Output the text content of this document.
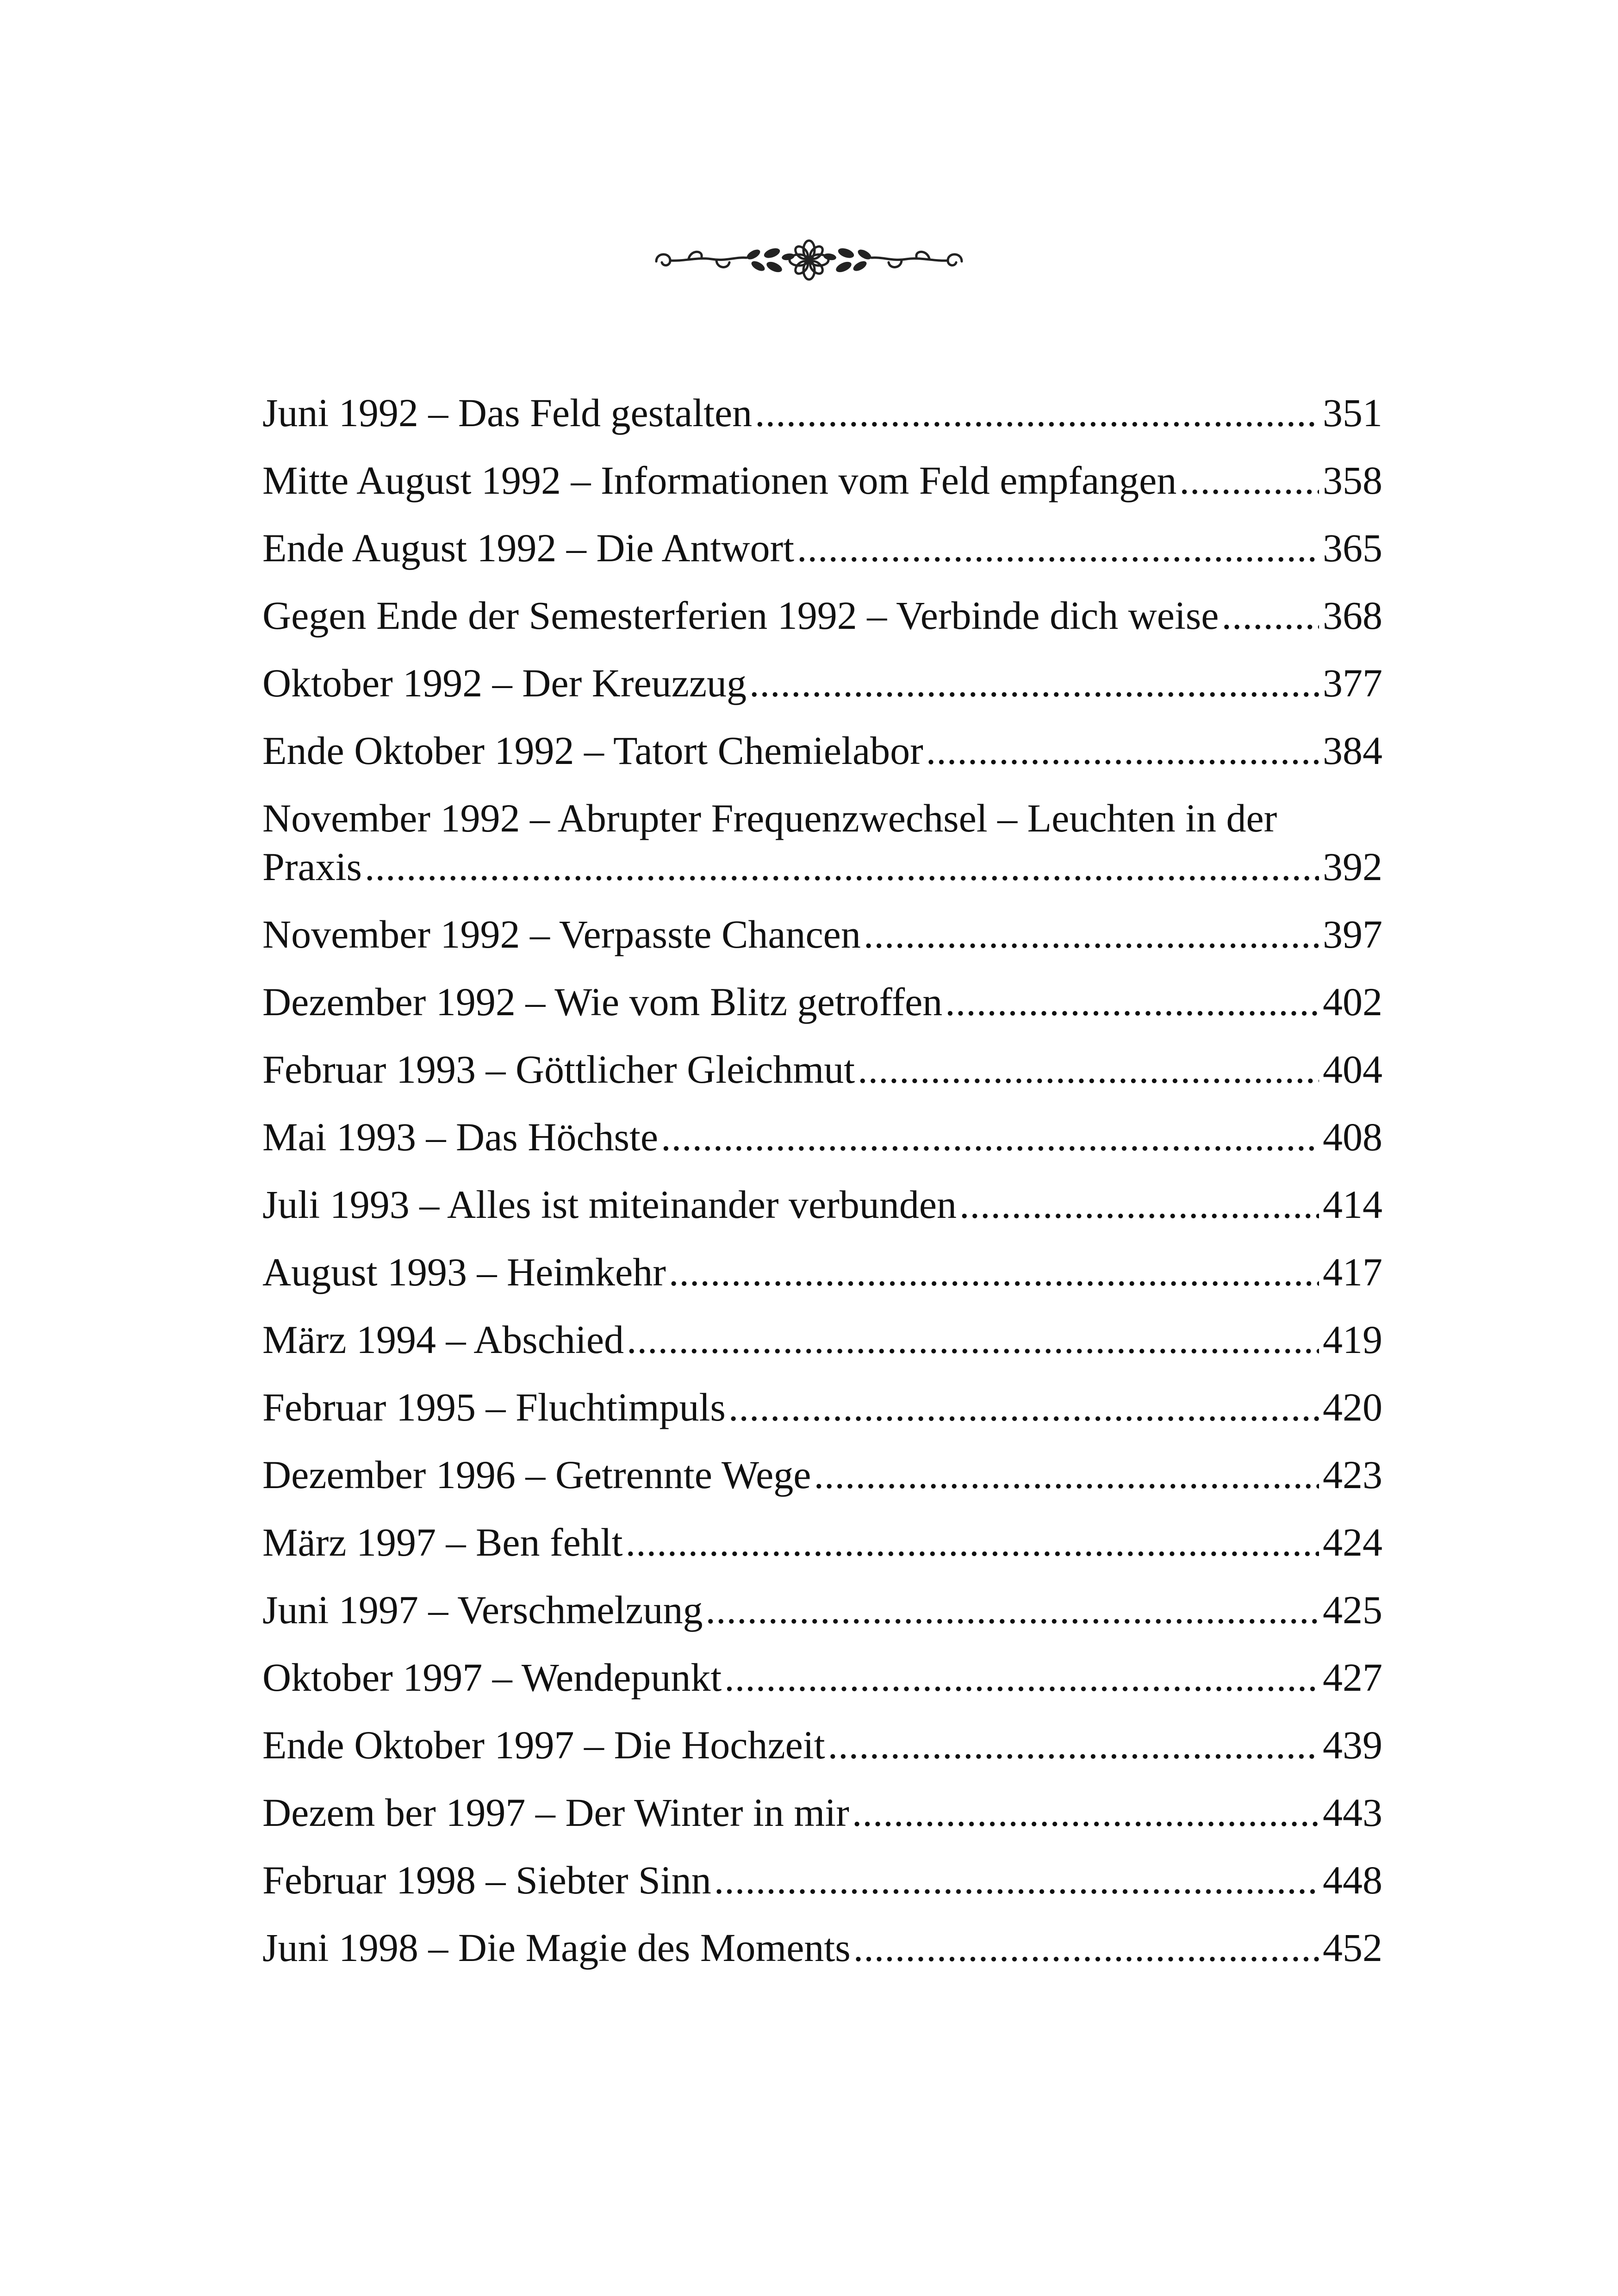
Juni 1992 – Das Feld gestalten .....	351
Mitte August 1992 – Informationen vom Feld empfangen .....	358
Ende August 1992 – Die Antwort .....	365
Gegen Ende der Semesterferien 1992 – Verbinde dich weise .....	368
Oktober 1992 – Der Kreuzzug .....	377
Ende Oktober 1992 – Tatort Chemielabor .....	384
November 1992 – Abrupter Frequenzwechsel – Leuchten in der
Praxis .....	392
November 1992 – Verpasste Chancen .....	397
Dezember 1992 – Wie vom Blitz getroffen .....	402
Februar 1993 – Göttlicher Gleichmut .....	404
Mai 1993 – Das Höchste .....	408
Juli 1993 – Alles ist miteinander verbunden .....	414
August 1993 – Heimkehr .....	417
März 1994 – Abschied .....	419
Februar 1995 – Fluchtimpuls .....	420
Dezember 1996 – Getrennte Wege .....	423
März 1997 – Ben fehlt .....	424
Juni 1997 – Verschmelzung .....	425
Oktober 1997 – Wendepunkt .....	427
Ende Oktober 1997 – Die Hochzeit .....	439
Dezem ber 1997 – Der Winter in mir .....	443
Februar 1998 – Siebter Sinn .....	448
Juni 1998 – Die Magie des Moments .....	452
